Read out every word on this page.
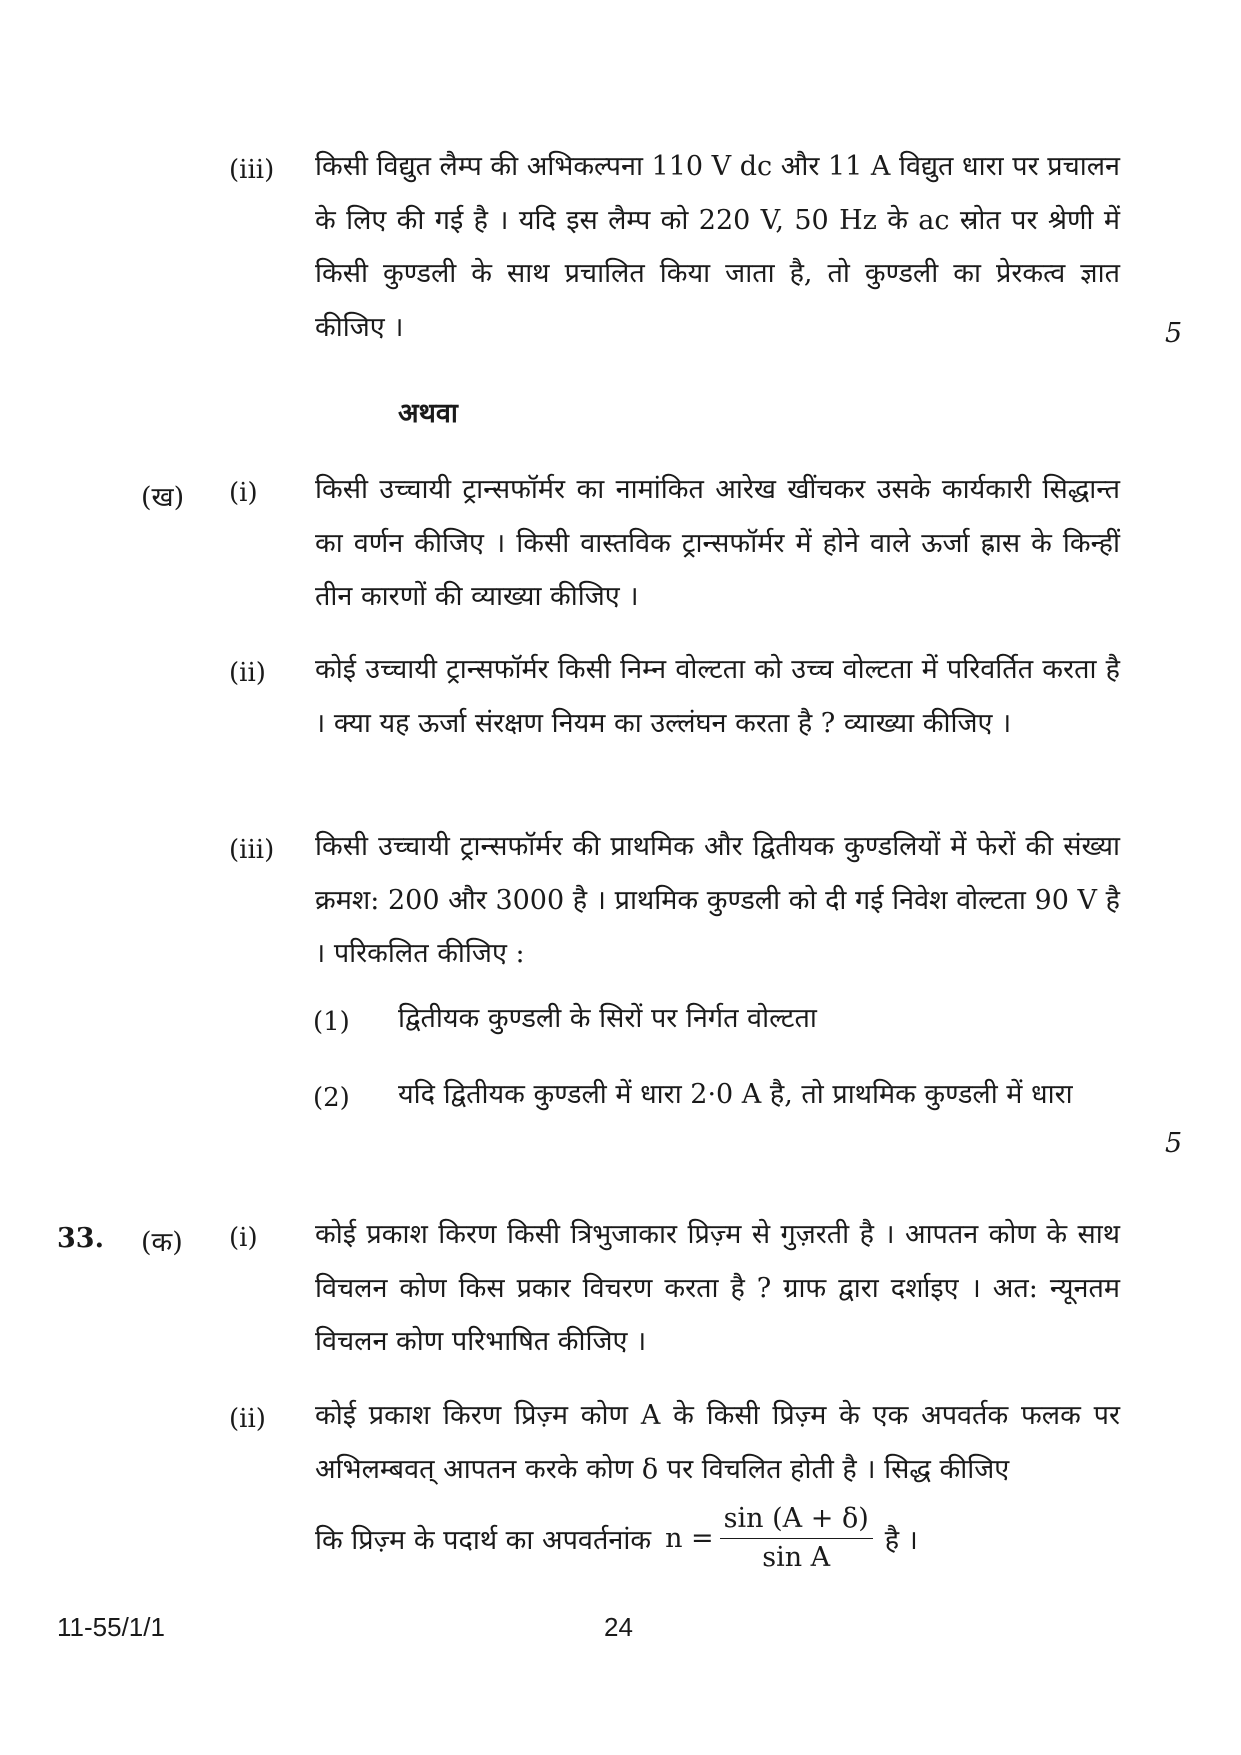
(iii) किसी विद्युत लैम्प की अभिकल्पना 110 V dc और 11 A विद्युत धारा पर प्रचालन के लिए की गई है । यदि इस लैम्प को 220 V, 50 Hz के ac स्रोत पर श्रेणी में किसी कुण्डली के साथ प्रचालित किया जाता है, तो कुण्डली का प्रेरकत्व ज्ञात कीजिए ।	5
अथवा
(ख) (i) किसी उच्चायी ट्रान्सफॉर्मर का नामांकित आरेख खींचकर उसके कार्यकारी सिद्धान्त का वर्णन कीजिए । किसी वास्तविक ट्रान्सफॉर्मर में होने वाले ऊर्जा ह्रास के किन्हीं तीन कारणों की व्याख्या कीजिए ।
(ii) कोई उच्चायी ट्रान्सफॉर्मर किसी निम्न वोल्टता को उच्च वोल्टता में परिवर्तित करता है । क्या यह ऊर्जा संरक्षण नियम का उल्लंघन करता है ? व्याख्या कीजिए ।
(iii) किसी उच्चायी ट्रान्सफॉर्मर की प्राथमिक और द्वितीयक कुण्डलियों में फेरों की संख्या क्रमश: 200 और 3000 है । प्राथमिक कुण्डली को दी गई निवेश वोल्टता 90 V है । परिकलित कीजिए :
(1) द्वितीयक कुण्डली के सिरों पर निर्गत वोल्टता
(2) यदि द्वितीयक कुण्डली में धारा 2·0 A है, तो प्राथमिक कुण्डली में धारा
5
33. (क) (i) कोई प्रकाश किरण किसी त्रिभुजाकार प्रिज़्म से गुज़रती है । आपतन कोण के साथ विचलन कोण किस प्रकार विचरण करता है ? ग्राफ द्वारा दर्शाइए । अत: न्यूनतम विचलन कोण परिभाषित कीजिए ।
(ii) कोई प्रकाश किरण प्रिज़्म कोण A के किसी प्रिज़्म के एक अपवर्तक फलक पर अभिलम्बवत् आपतन करके कोण δ पर विचलित होती है । सिद्ध कीजिए
कि प्रिज़्म के पदार्थ का अपवर्तनांक $n = \frac{\sin (A + \delta)}{\text{sin A}}$ है ।
11-55/1/1	24
